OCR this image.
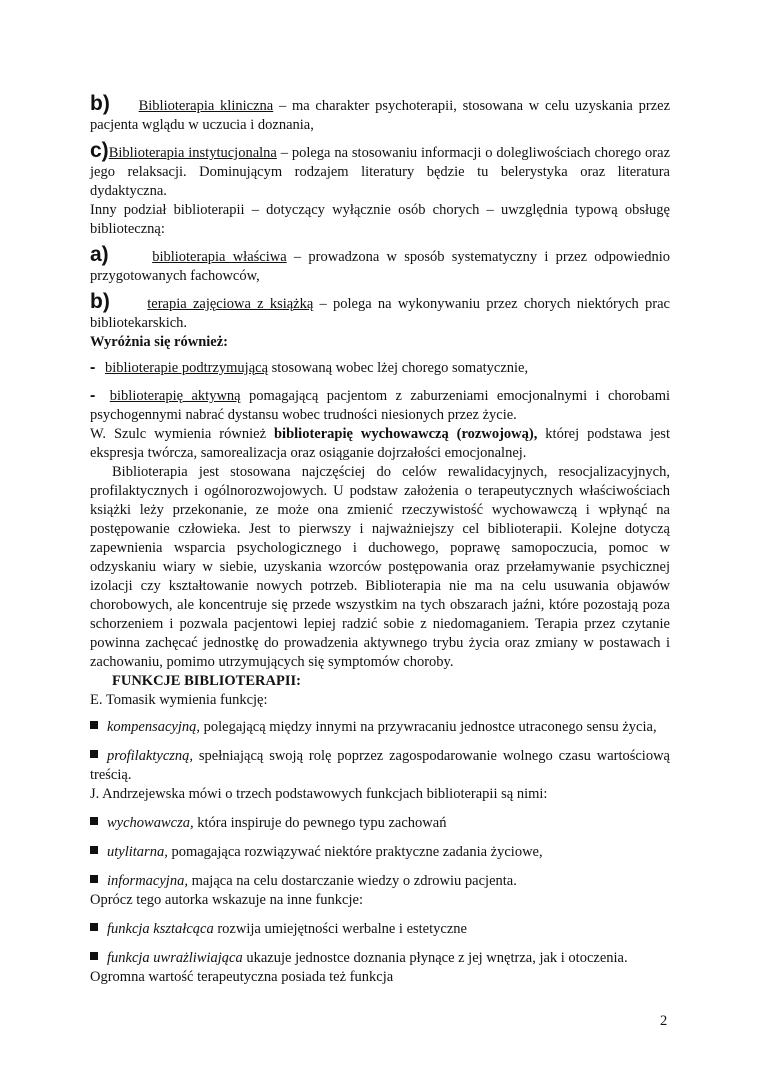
b) Biblioterapia kliniczna – ma charakter psychoterapii, stosowana w celu uzyskania przez pacjenta wglądu w uczucia i doznania,

c)Biblioterapia instytucjonalna – polega na stosowaniu informacji o dolegliwościach chorego oraz jego relaksacji. Dominującym rodzajem literatury będzie tu belerystyka oraz literatura dydaktyczna.

Inny podział biblioterapii – dotyczący wyłącznie osób chorych – uwzględnia typową obsługę biblioteczną:

a)	biblioterapia właściwa – prowadzona w sposób systematyczny i przez odpowiednio przygotowanych fachowców,

b)	terapia zajęciowa z książką – polega na wykonywaniu przez chorych niektórych prac bibliotekarskich.

Wyróżnia się również:

- biblioterapie podtrzymującą stosowaną wobec lżej chorego somatycznie,

- biblioterapię aktywną pomagającą pacjentom z zaburzeniami emocjonalnymi i chorobami psychogennymi nabrać dystansu wobec trudności niesionych przez życie.

W. Szulc wymienia również biblioterapię wychowawczą (rozwojową), której podstawa jest ekspresja twórcza, samorealizacja oraz osiąganie dojrzałości emocjonalnej.

Biblioterapia jest stosowana najczęściej do celów rewalidacyjnych, resocjalizacyjnych, profilaktycznych i ogólnorozwojowych. U podstaw założenia o terapeutycznych właściwościach książki leży przekonanie, ze może ona zmienić rzeczywistość wychowawczą i wpłynąć na postępowanie człowieka. Jest to pierwszy i najważniejszy cel biblioterapii. Kolejne dotyczą zapewnienia wsparcia psychologicznego i duchowego, poprawę samopoczucia, pomoc w odzyskaniu wiary w siebie, uzyskania wzorców postępowania oraz przełamywanie psychicznej izolacji czy kształtowanie nowych potrzeb. Biblioterapia nie ma na celu usuwania objawów chorobowych, ale koncentruje się przede wszystkim na tych obszarach jaźni, które pozostają poza schorzeniem i pozwala pacjentowi lepiej radzić sobie z niedomaganiem. Terapia przez czytanie powinna zachęcać jednostkę do prowadzenia aktywnego trybu życia oraz zmiany w postawach i zachowaniu, pomimo utrzymujących się symptomów choroby.

FUNKCJE BIBLIOTERAPII:

E. Tomasik wymienia funkcję:

kompensacyjną, polegającą między innymi na przywracaniu jednostce utraconego sensu życia,

profilaktyczną, spełniającą swoją rolę poprzez zagospodarowanie wolnego czasu wartościową treścią.

J. Andrzejewska mówi o trzech podstawowych funkcjach biblioterapii są nimi:

wychowawcza, która inspiruje do pewnego typu zachowań

utylitarna, pomagająca rozwiązywać niektóre praktyczne zadania życiowe,

informacyjna, mająca na celu dostarczanie wiedzy o zdrowiu pacjenta.

Oprócz tego autorka wskazuje na inne funkcje:

funkcja kształcąca rozwija umiejętności werbalne i estetyczne

funkcja uwrażliwiająca ukazuje jednostce doznania płynące z jej wnętrza, jak i otoczenia.

Ogromna wartość terapeutyczna posiada też funkcja

2
